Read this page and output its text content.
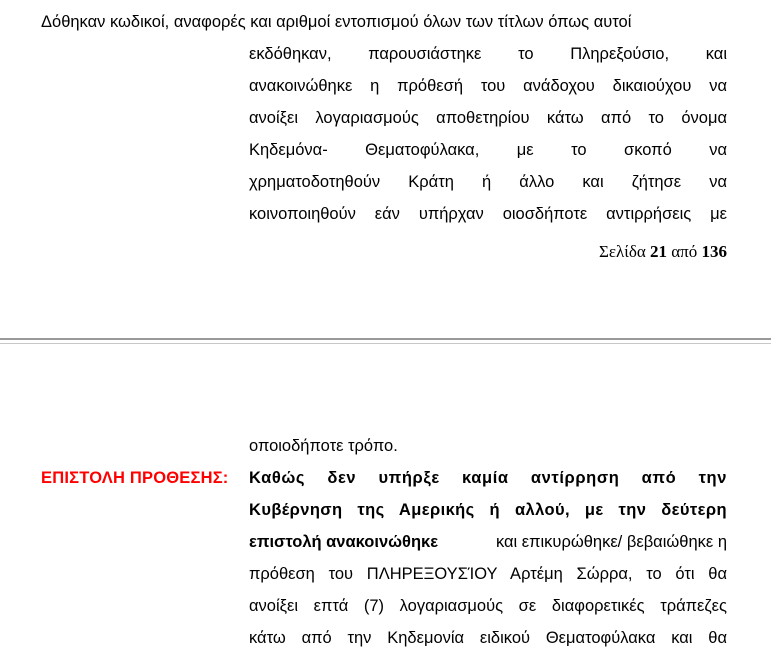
Δόθηκαν κωδικοί, αναφορές και αριθμοί εντοπισμού όλων των τίτλων όπως αυτοί
εκδόθηκαν, παρουσιάστηκε το Πληρεξούσιο, και
ανακοινώθηκε η πρόθεσή του ανάδοχου δικαιούχου να
ανοίξει λογαριασμούς αποθετηρίου κάτω από το όνομα
Κηδεμόνα- Θεματοφύλακα, με το σκοπό να
χρηματοδοτηθούν Κράτη ή άλλο και ζήτησε να
κοινοποιηθούν εάν υπήρχαν οιοσδήποτε αντιρρήσεις με
Σελίδα 21 από 136
οποιοδήποτε τρόπο.
ΕΠΙΣΤΟΛΗ ΠΡΟΘΕΣΗΣ:	Καθώς δεν υπήρξε καμία αντίρρηση από την
Κυβέρνηση της Αμερικής ή αλλού, με την δεύτερη
επιστολή ανακοινώθηκε	και επικυρώθηκε/ βεβαιώθηκε η
πρόθεση του ΠΛΗΡΕΞΟΥΣΊΟΥ Αρτέμη Σώρρα, το ότι θα
ανοίξει επτά (7) λογαριασμούς σε διαφορετικές τράπεζες
κάτω από την Κηδεμονία ειδικού Θεματοφύλακα και θα
